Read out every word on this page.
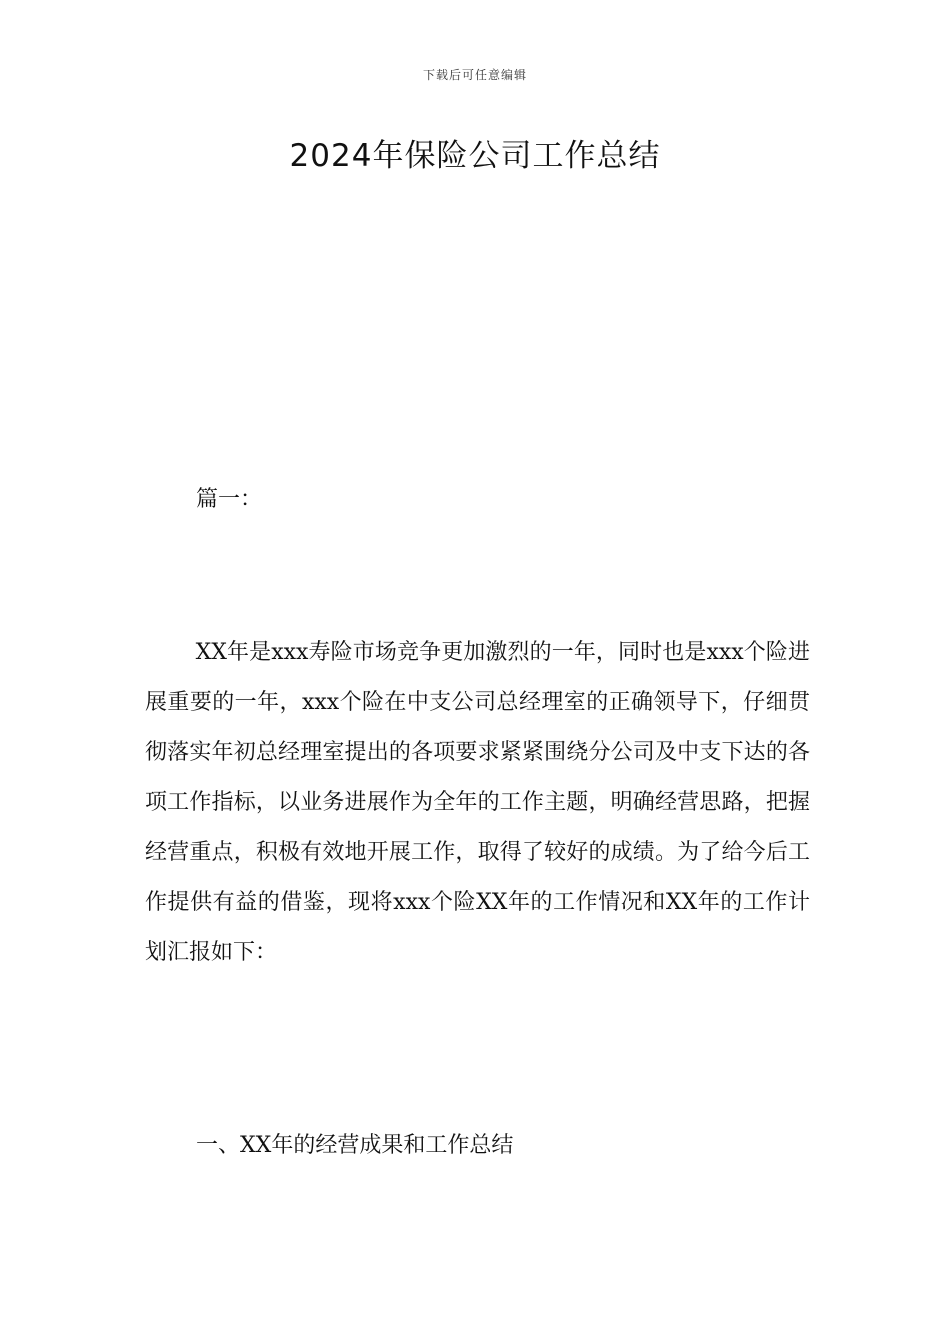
下载后可任意编辑
2024年保险公司工作总结

篇一：

XX年是xxx寿险市场竞争更加激烈的一年，同时也是xxx个险进展重要的一年，xxx个险在中支公司总经理室的正确领导下，仔细贯彻落实年初总经理室提出的各项要求紧紧围绕分公司及中支下达的各项工作指标，以业务进展作为全年的工作主题，明确经营思路，把握经营重点，积极有效地开展工作，取得了较好的成绩。为了给今后工作提供有益的借鉴，现将xxx个险XX年的工作情况和XX年的工作计划汇报如下：

一、XX年的经营成果和工作总结
